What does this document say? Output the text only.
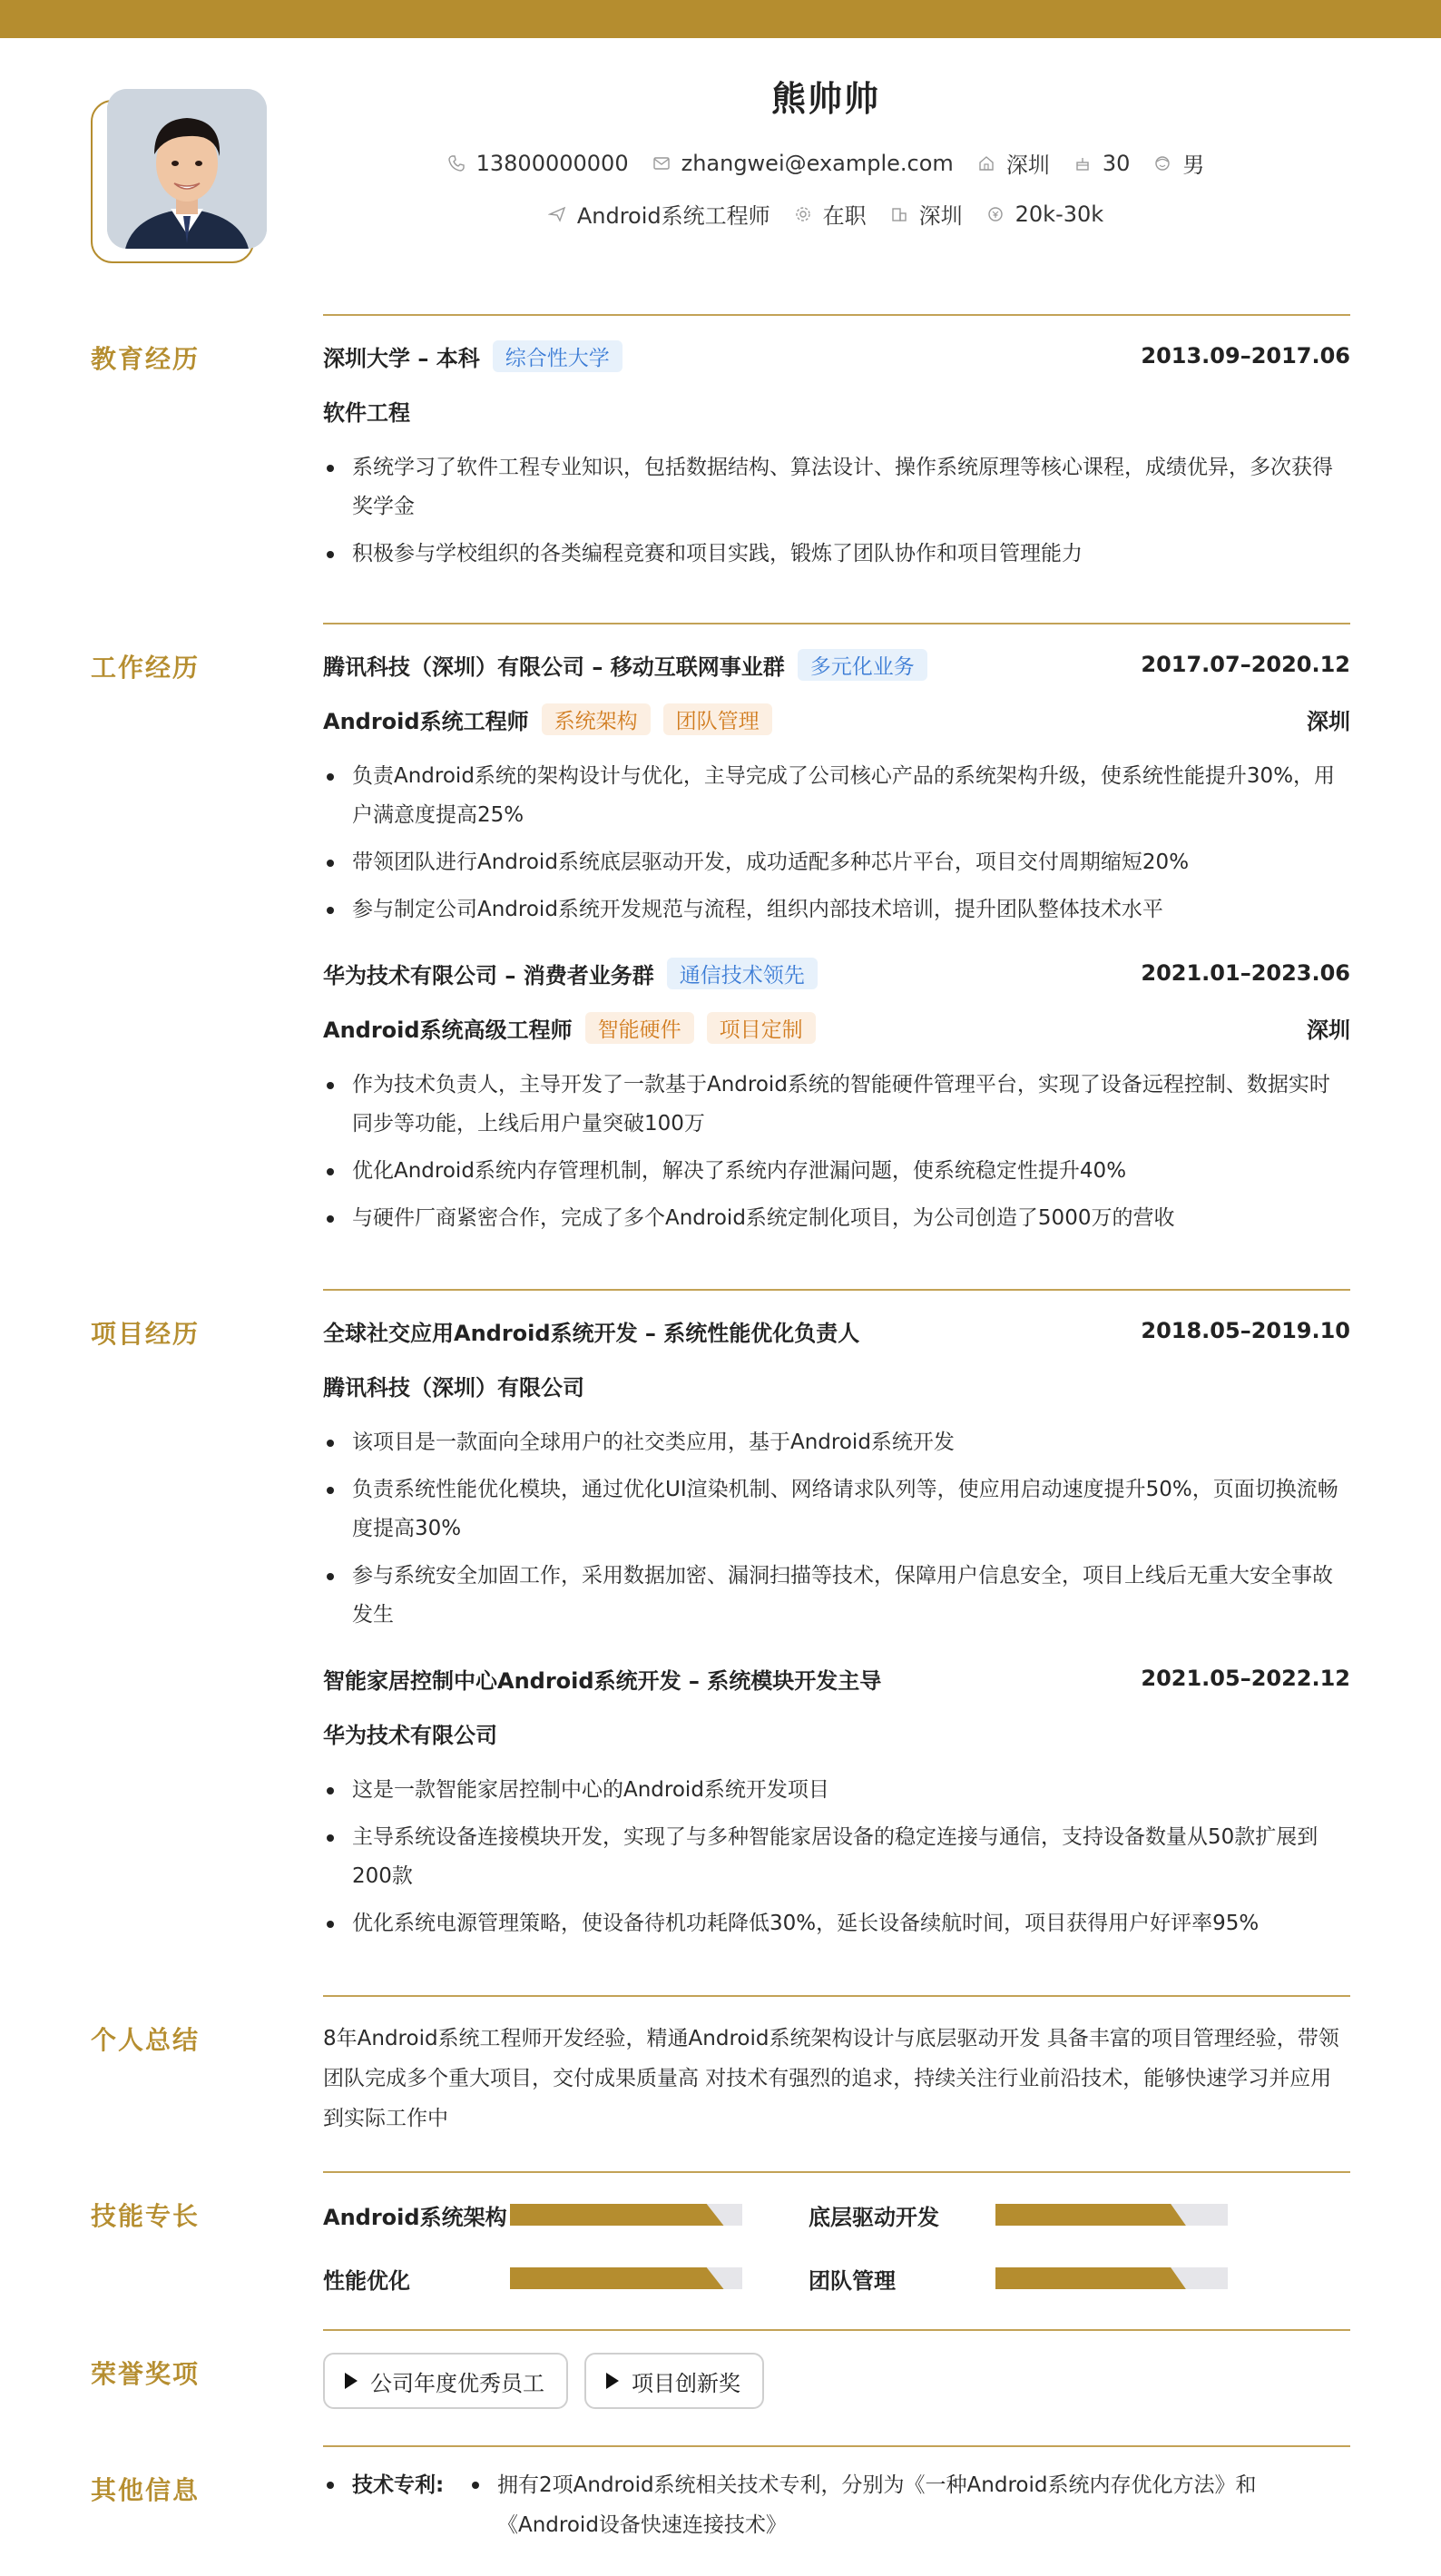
熊帅帅
13800000000 zhangwei@example.com 深圳 30 男
Android系统工程师 在职 深圳 20k-30k
教育经历	深圳大学 – 本科	综合性大学	2013.09–2017.06
软件工程
系统学习了软件工程专业知识，包括数据结构、算法设计、操作系统原理等核心课程，成绩优异，多次获得奖学金
积极参与学校组织的各类编程竞赛和项目实践，锻炼了团队协作和项目管理能力
工作经历	腾讯科技（深圳）有限公司 – 移动互联网事业群	多元化业务	2017.07–2020.12
Android系统工程师	系统架构	团队管理	深圳
负责Android系统的架构设计与优化，主导完成了公司核心产品的系统架构升级，使系统性能提升30%，用户满意度提高25%
带领团队进行Android系统底层驱动开发，成功适配多种芯片平台，项目交付周期缩短20%
参与制定公司Android系统开发规范与流程，组织内部技术培训，提升团队整体技术水平
华为技术有限公司 – 消费者业务群	通信技术领先	2021.01–2023.06
Android系统高级工程师	智能硬件	项目定制	深圳
作为技术负责人，主导开发了一款基于Android系统的智能硬件管理平台，实现了设备远程控制、数据实时同步等功能，上线后用户量突破100万
优化Android系统内存管理机制，解决了系统内存泄漏问题，使系统稳定性提升40%
与硬件厂商紧密合作，完成了多个Android系统定制化项目，为公司创造了5000万的营收
项目经历	全球社交应用Android系统开发 – 系统性能优化负责人	2018.05–2019.10
腾讯科技（深圳）有限公司
该项目是一款面向全球用户的社交类应用，基于Android系统开发
负责系统性能优化模块，通过优化UI渲染机制、网络请求队列等，使应用启动速度提升50%，页面切换流畅度提高30%
参与系统安全加固工作，采用数据加密、漏洞扫描等技术，保障用户信息安全，项目上线后无重大安全事故发生
智能家居控制中心Android系统开发 – 系统模块开发主导	2021.05–2022.12
华为技术有限公司
这是一款智能家居控制中心的Android系统开发项目
主导系统设备连接模块开发，实现了与多种智能家居设备的稳定连接与通信，支持设备数量从50款扩展到200款
优化系统电源管理策略，使设备待机功耗降低30%，延长设备续航时间，项目获得用户好评率95%
个人总结	8年Android系统工程师开发经验，精通Android系统架构设计与底层驱动开发 具备丰富的项目管理经验，带领团队完成多个重大项目，交付成果质量高 对技术有强烈的追求，持续关注行业前沿技术，能够快速学习并应用到实际工作中

技能专长	Android系统架构	底层驱动开发
性能优化	团队管理
荣誉奖项	公司年度优秀员工	项目创新奖
其他信息	技术专利:	拥有2项Android系统相关技术专利，分别为《一种Android系统内存优化方法》和《Android设备快速连接技术》
